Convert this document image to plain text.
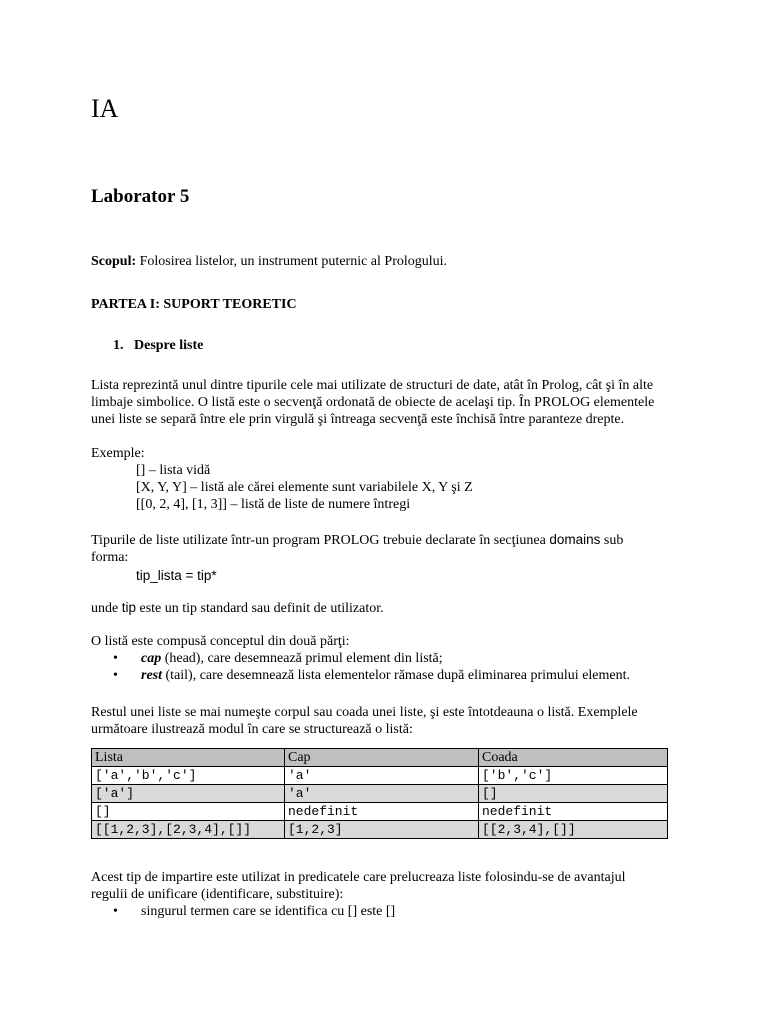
IA
Laborator 5

Scopul: Folosirea listelor, un instrument puternic al Prologului.

PARTEA I: SUPORT TEORETIC

1. Despre liste

Lista reprezintă unul dintre tipurile cele mai utilizate de structuri de date, atât în Prolog, cât şi în alte
limbaje simbolice. O listă este o secvenţă ordonată de obiecte de acelaşi tip. În PROLOG elementele
unei liste se separă între ele prin virgulă şi întreaga secvenţă este închisă între paranteze drepte.
Exemple:
[] – lista vidă
[X, Y, Y] – listă ale cărei elemente sunt variabilele X, Y şi Z
[[0, 2, 4], [1, 3]] – listă de liste de numere întregi
Tipurile de liste utilizate într-un program PROLOG trebuie declarate în secţiunea domains sub
forma:
tip_lista = tip*

unde tip este un tip standard sau definit de utilizator.

O listă este compusă conceptul din două părţi:
•	cap (head), care desemnează primul element din listă;
•	rest (tail), care desemnează lista elementelor rămase după eliminarea primului element.
Restul unei liste se mai numeşte corpul sau coada unei liste, şi este întotdeauna o listă. Exemplele
următoare ilustrează modul în care se structurează o listă:
Lista	Cap	Coada
['a','b','c']	'a'	['b','c']
['a']	'a'	[]
[]	nedefinit	nedefinit
[[1,2,3],[2,3,4],[]]	[1,2,3]	[[2,3,4],[]]
Acest tip de impartire este utilizat in predicatele care prelucreaza liste folosindu-se de avantajul
regulii de unificare (identificare, substituire):
•	singurul termen care se identifica cu [] este []
